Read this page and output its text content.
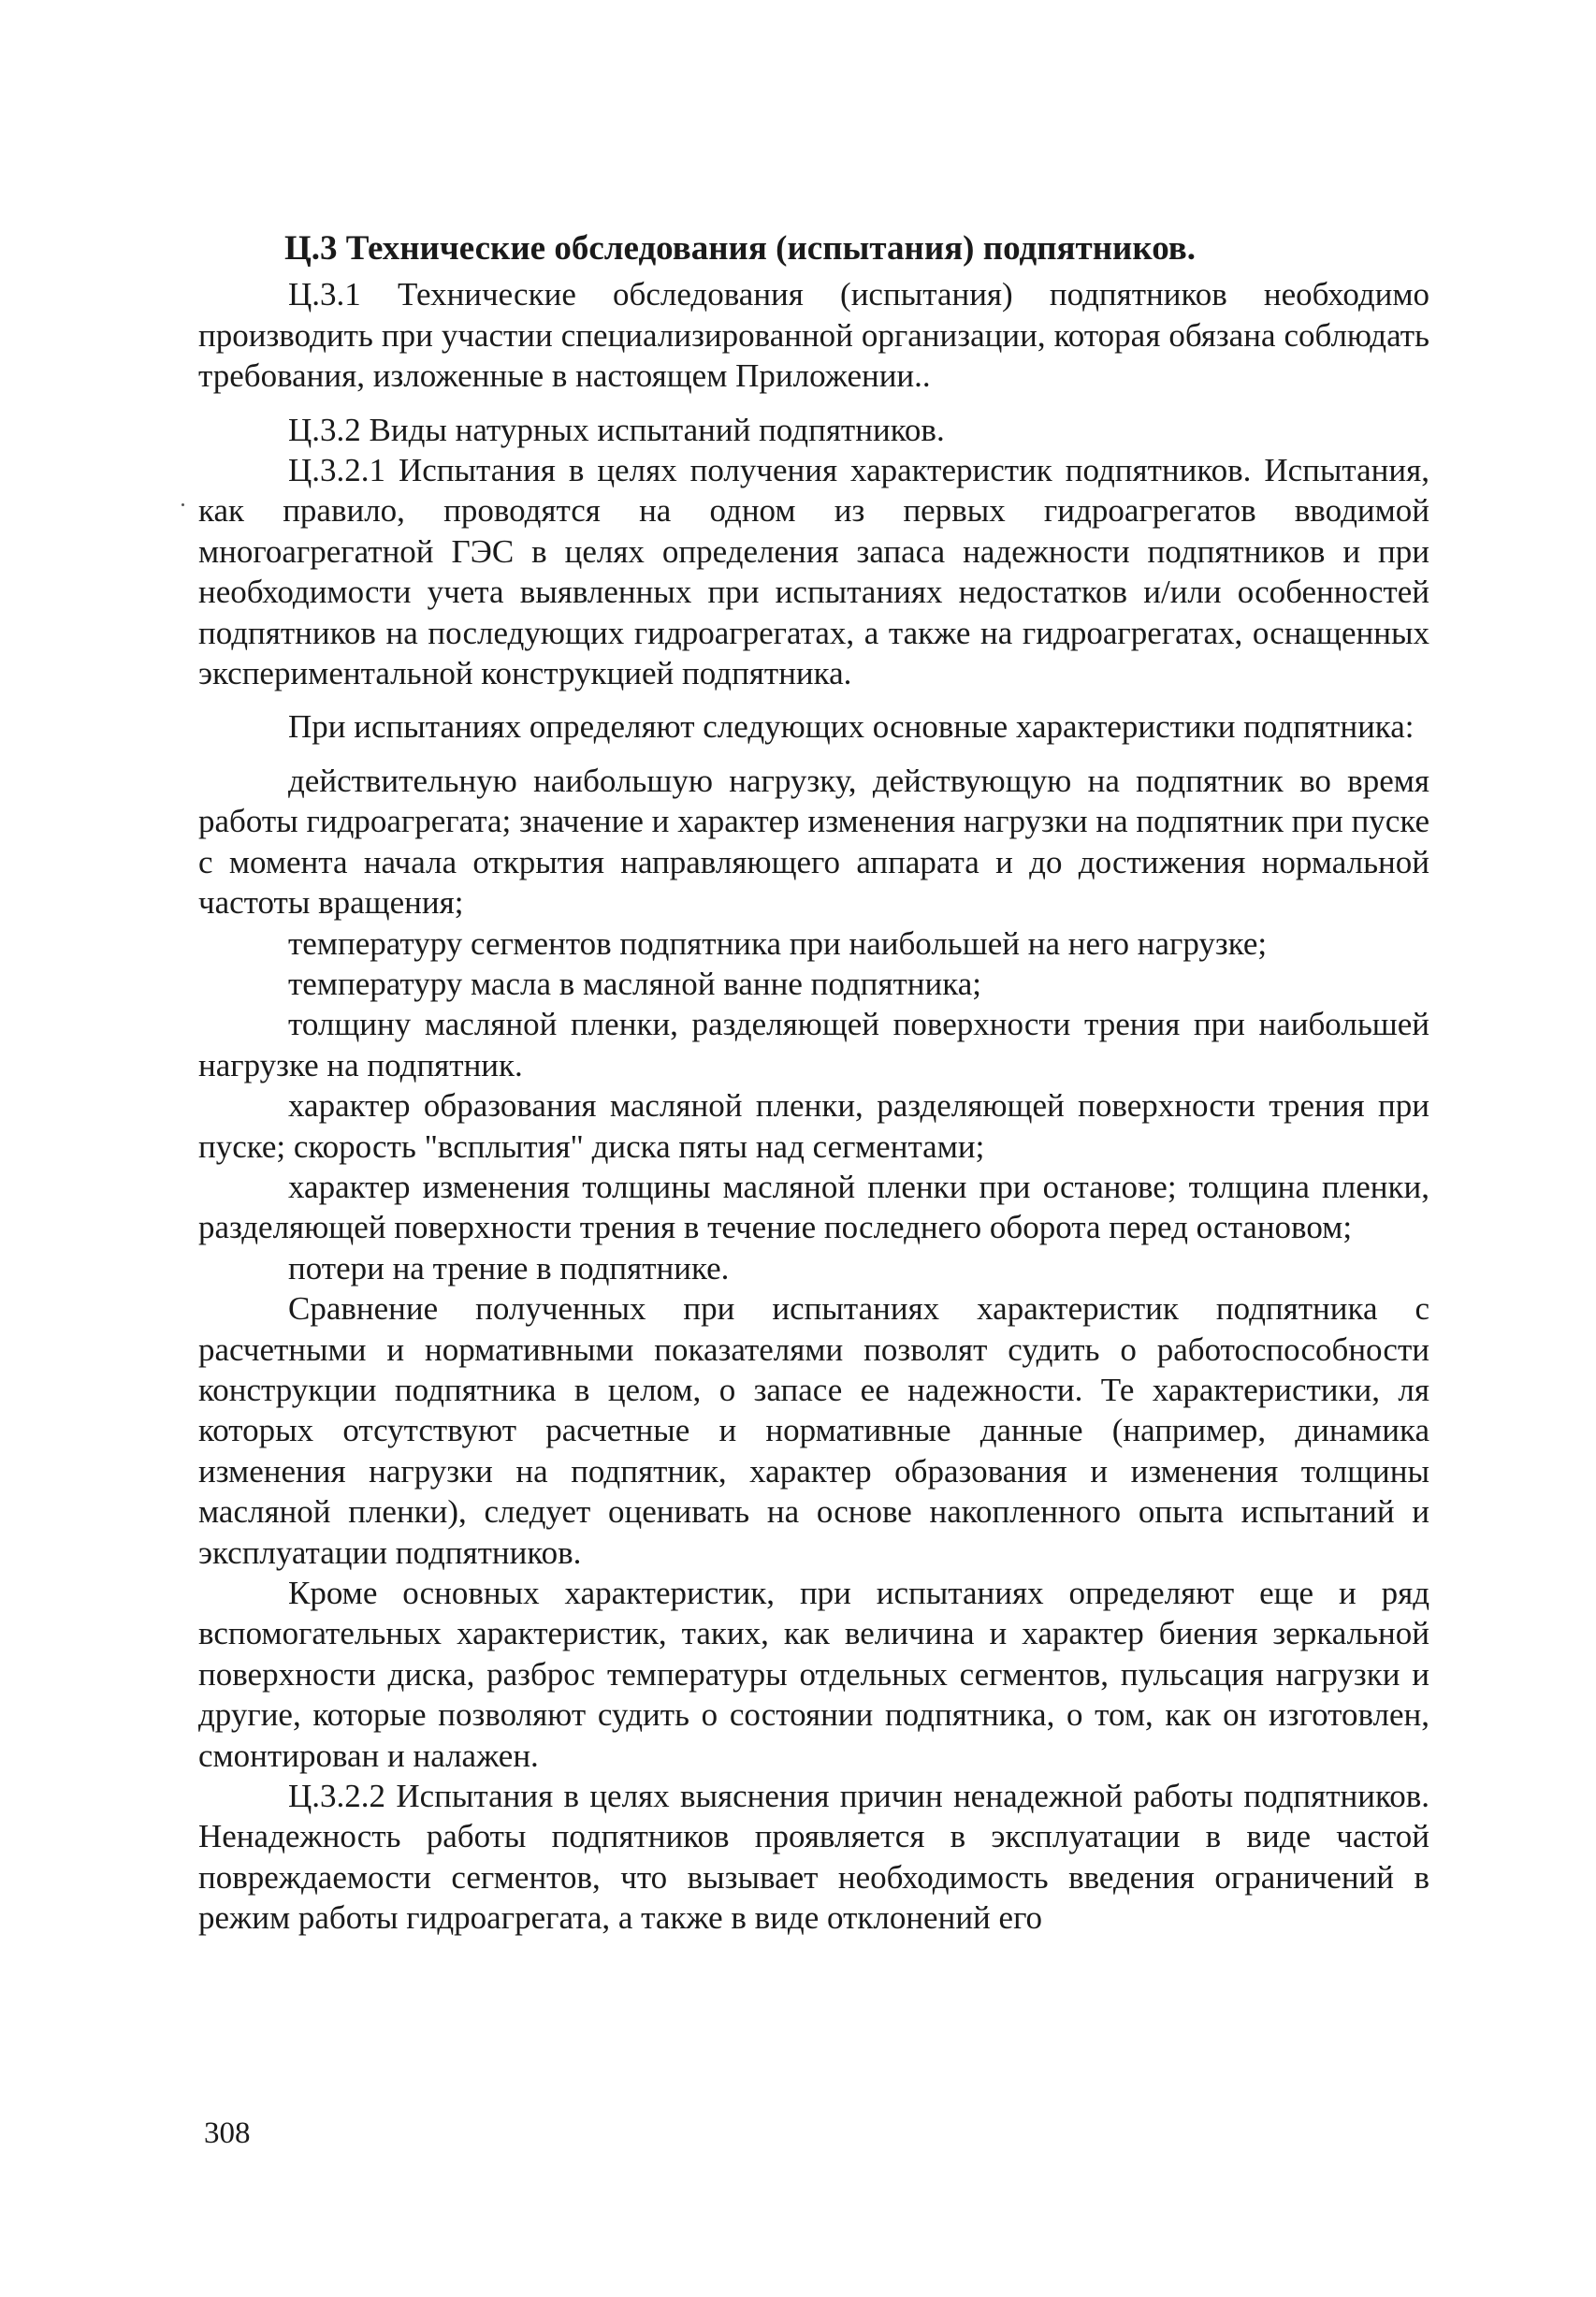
Ц.3 Технические обследования (испытания) подпятников.

Ц.3.1 Технические обследования (испытания) подпятников необходимо производить при участии специализированной организации, которая обязана соблюдать требования, изложенные в настоящем Приложении..

Ц.3.2 Виды натурных испытаний подпятников.

Ц.3.2.1 Испытания в целях получения характеристик подпятников. Испытания, как правило, проводятся на одном из первых гидроагрегатов вводимой многоагрегатной ГЭС в целях определения запаса надежности подпятников и при необходимости учета выявленных при испытаниях недостатков и/или особенностей подпятников на последующих гидроагрегатах, а также на гидроагрегатах, оснащенных экспериментальной конструкцией подпятника.

При испытаниях определяют следующих основные характеристики подпятника:

действительную наибольшую нагрузку, действующую на подпятник во время работы гидроагрегата; значение и характер изменения нагрузки на подпятник при пуске с момента начала открытия направляющего аппарата и до достижения нормальной частоты вращения;

температуру сегментов подпятника при наибольшей на него нагрузке;

температуру масла в масляной ванне подпятника;

толщину масляной пленки, разделяющей поверхности трения при наибольшей нагрузке на подпятник.

характер образования масляной пленки, разделяющей поверхности трения при пуске; скорость "всплытия" диска пяты над сегментами;

характер изменения толщины масляной пленки при останове; толщина пленки, разделяющей поверхности трения в течение последнего оборота перед остановом;

потери на трение в подпятнике.

Сравнение полученных при испытаниях характеристик подпятника с расчетными и нормативными показателями позволят судить о работоспособности конструкции подпятника в целом, о запасе ее надежности. Те характеристики, ля которых отсутствуют расчетные и нормативные данные (например, динамика изменения нагрузки на подпятник, характер образования и изменения толщины масляной пленки), следует оценивать на основе накопленного опыта испытаний и эксплуатации подпятников.

Кроме основных характеристик, при испытаниях определяют еще и ряд вспомогательных характеристик, таких, как величина и характер биения зеркальной поверхности диска, разброс температуры отдельных сегментов, пульсация нагрузки и другие, которые позволяют судить о состоянии подпятника, о том, как он изготовлен, смонтирован и налажен.

Ц.3.2.2 Испытания в целях выяснения причин ненадежной работы подпятников. Ненадежность работы подпятников проявляется в эксплуатации в виде частой повреждаемости сегментов, что вызывает необходимость введения ограничений в режим работы гидроагрегата, а также в виде отклонений его

308
